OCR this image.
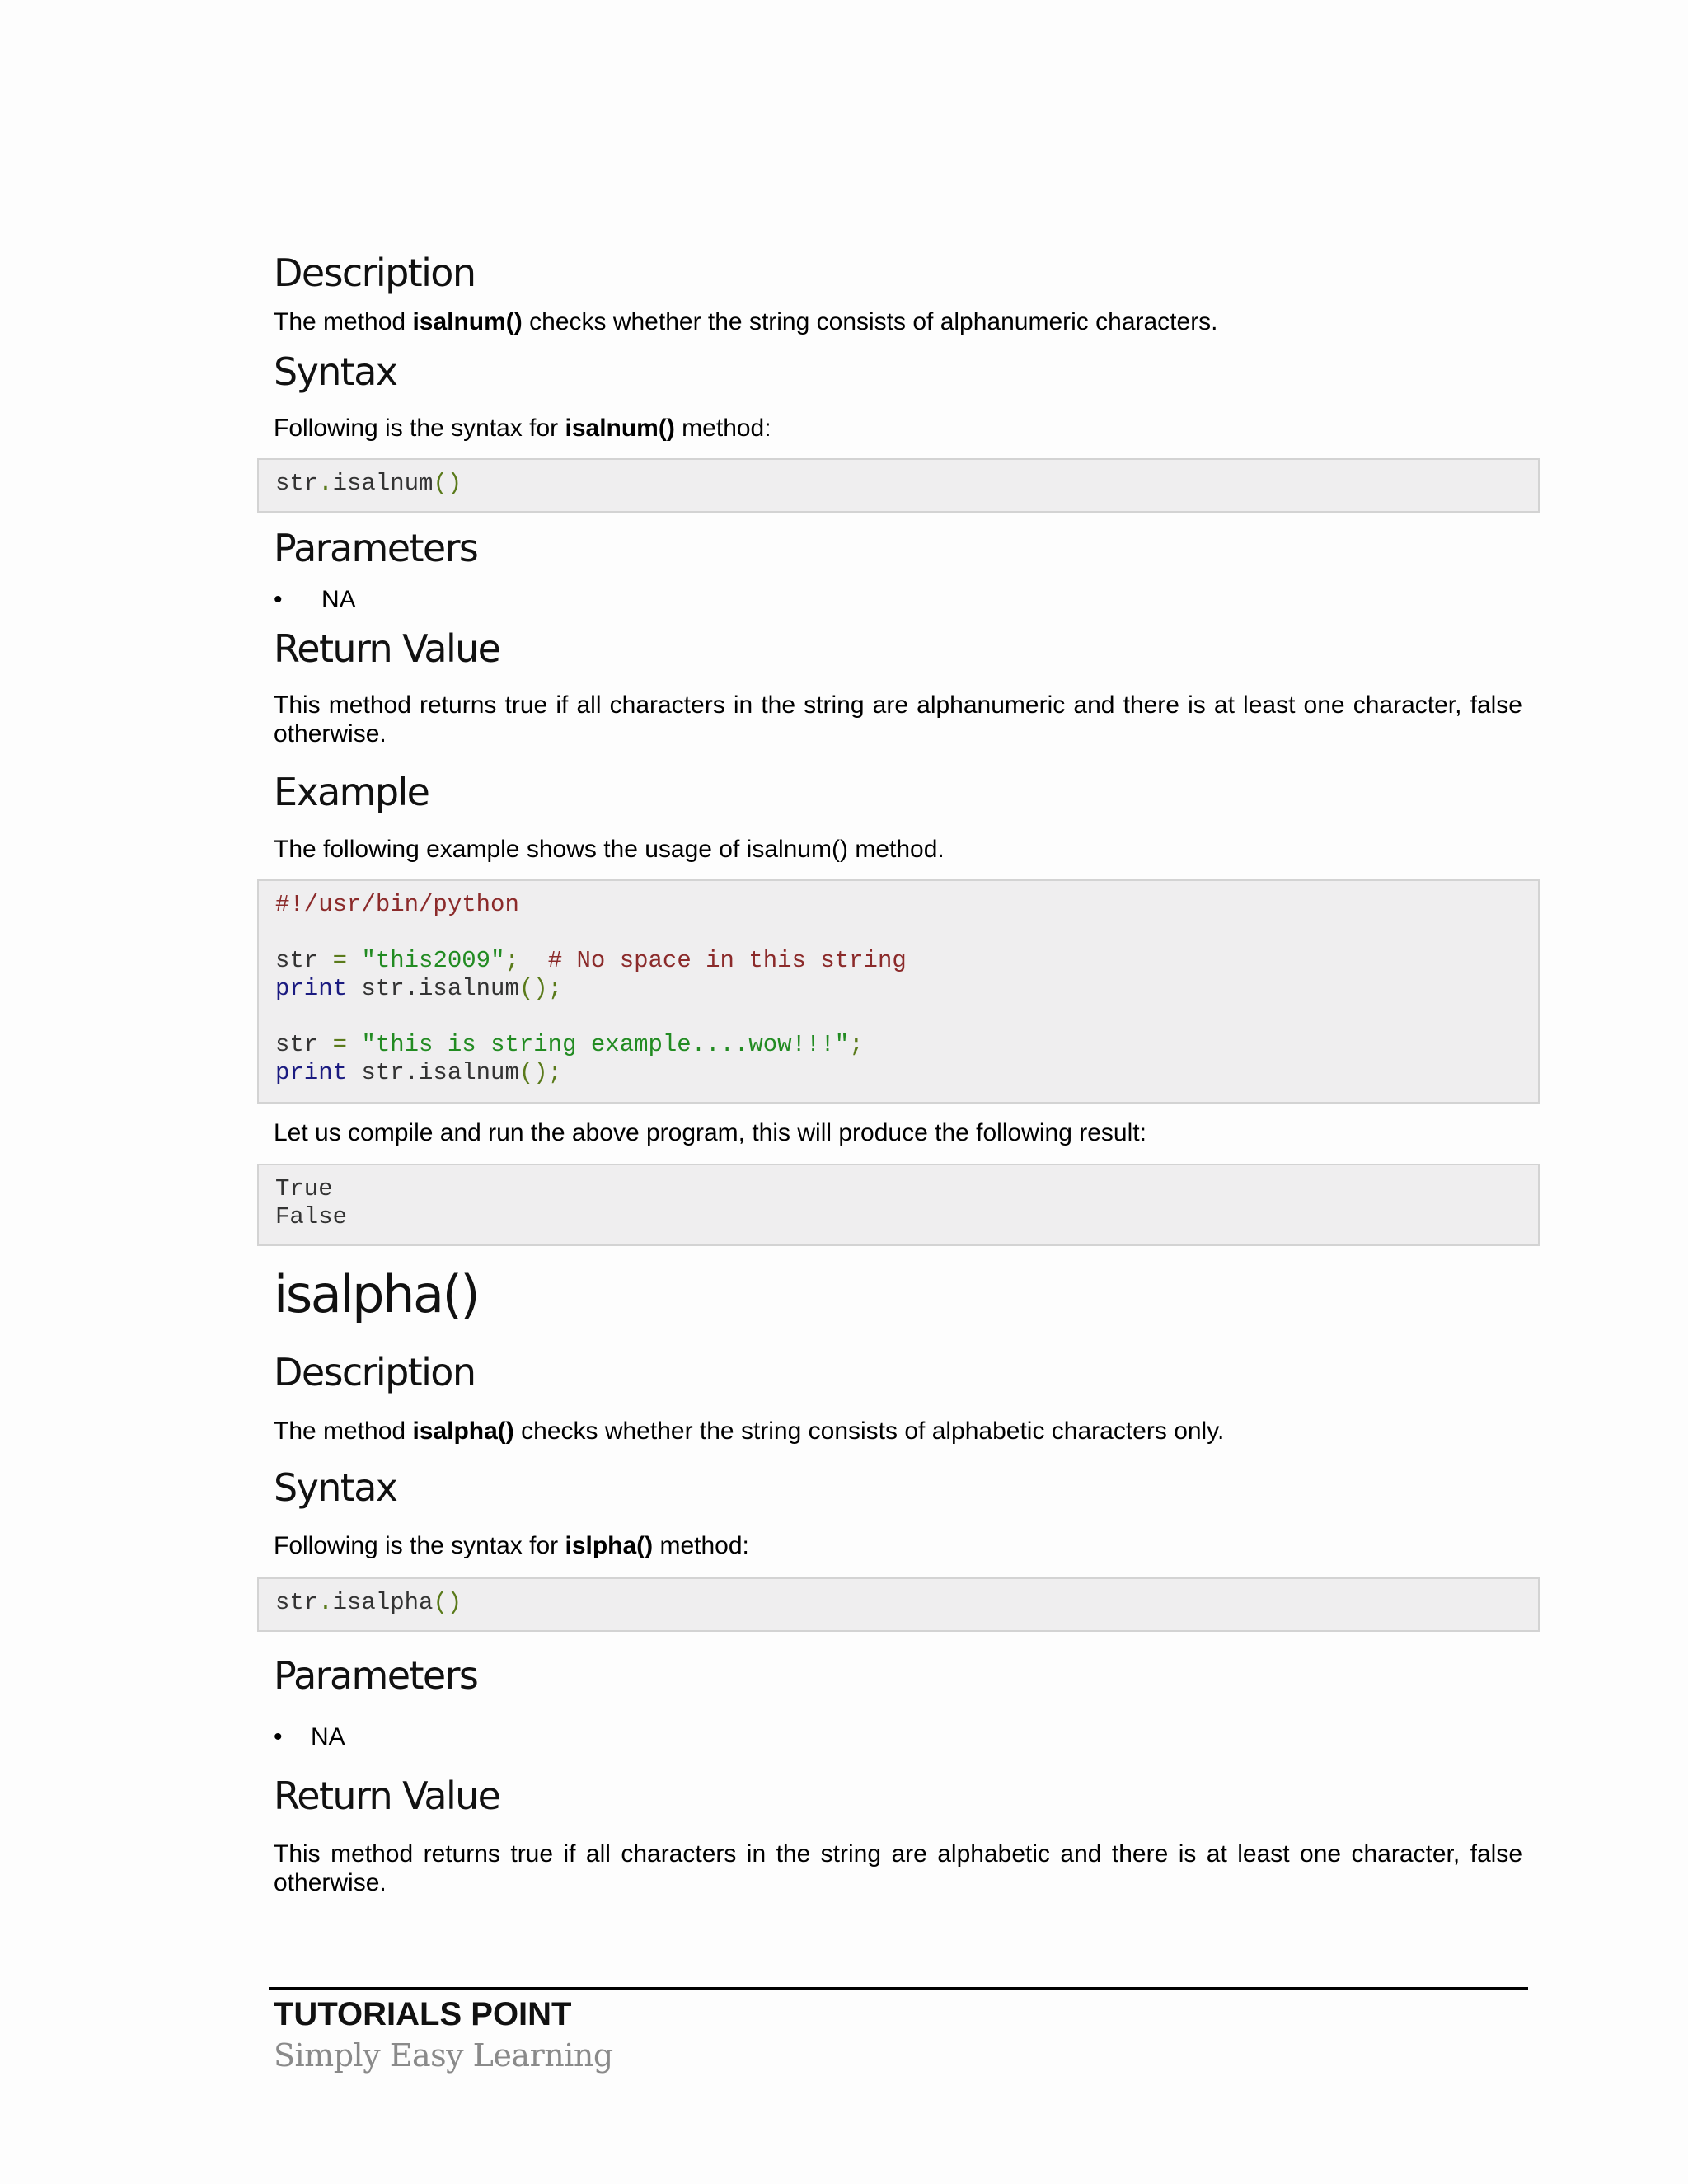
Description
The method isalnum() checks whether the string consists of alphanumeric characters.
Syntax
Following is the syntax for isalnum() method:
str.isalnum()
Parameters
• NA
Return Value
This method returns true if all characters in the string are alphanumeric and there is at least one character, false otherwise.
Example
The following example shows the usage of isalnum() method.
#!/usr/bin/python

str = "this2009"; # No space in this string
print str.isalnum();

str = "this is string example....wow!!!";
print str.isalnum();
Let us compile and run the above program, this will produce the following result:
True
False
isalpha()
Description
The method isalpha() checks whether the string consists of alphabetic characters only.
Syntax
Following is the syntax for islpha() method:
str.isalpha()
Parameters
• NA
Return Value
This method returns true if all characters in the string are alphabetic and there is at least one character, false otherwise.
TUTORIALS POINT
Simply Easy Learning
